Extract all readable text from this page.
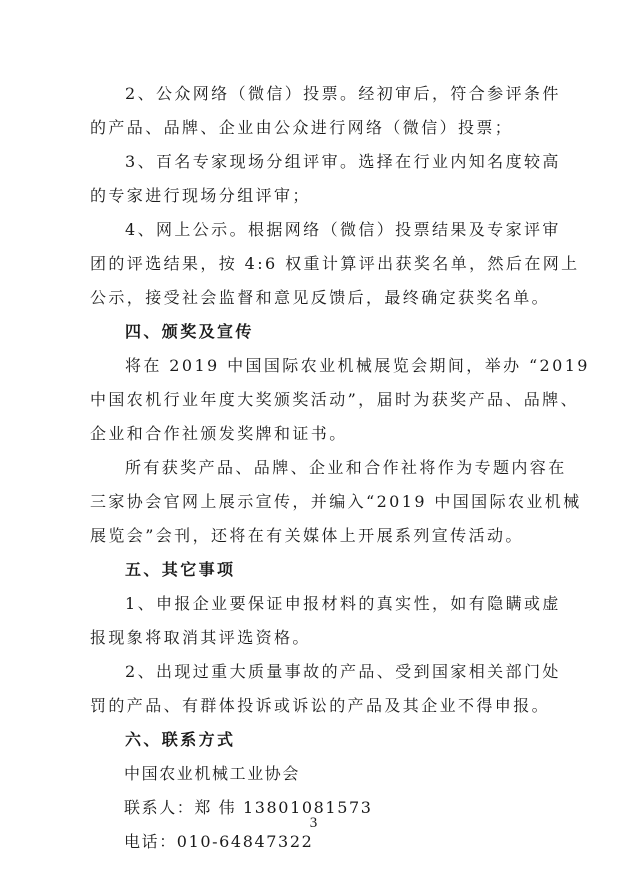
2、公众网络（微信）投票。经初审后，符合参评条件
的产品、品牌、企业由公众进行网络（微信）投票；
3、百名专家现场分组评审。选择在行业内知名度较高
的专家进行现场分组评审；
4、网上公示。根据网络（微信）投票结果及专家评审
团的评选结果，按 4:6 权重计算评出获奖名单，然后在网上
公示，接受社会监督和意见反馈后，最终确定获奖名单。
四、颁奖及宣传
将在 2019 中国国际农业机械展览会期间，举办 “2019
中国农机行业年度大奖颁奖活动”，届时为获奖产品、品牌、
企业和合作社颁发奖牌和证书。
所有获奖产品、品牌、企业和合作社将作为专题内容在
三家协会官网上展示宣传，并编入“2019 中国国际农业机械
展览会”会刊，还将在有关媒体上开展系列宣传活动。
五、其它事项
1、申报企业要保证申报材料的真实性，如有隐瞒或虚
报现象将取消其评选资格。
2、出现过重大质量事故的产品、受到国家相关部门处
罚的产品、有群体投诉或诉讼的产品及其企业不得申报。
六、联系方式
中国农业机械工业协会
联系人：郑 伟 13801081573
电话：010-64847322
3
